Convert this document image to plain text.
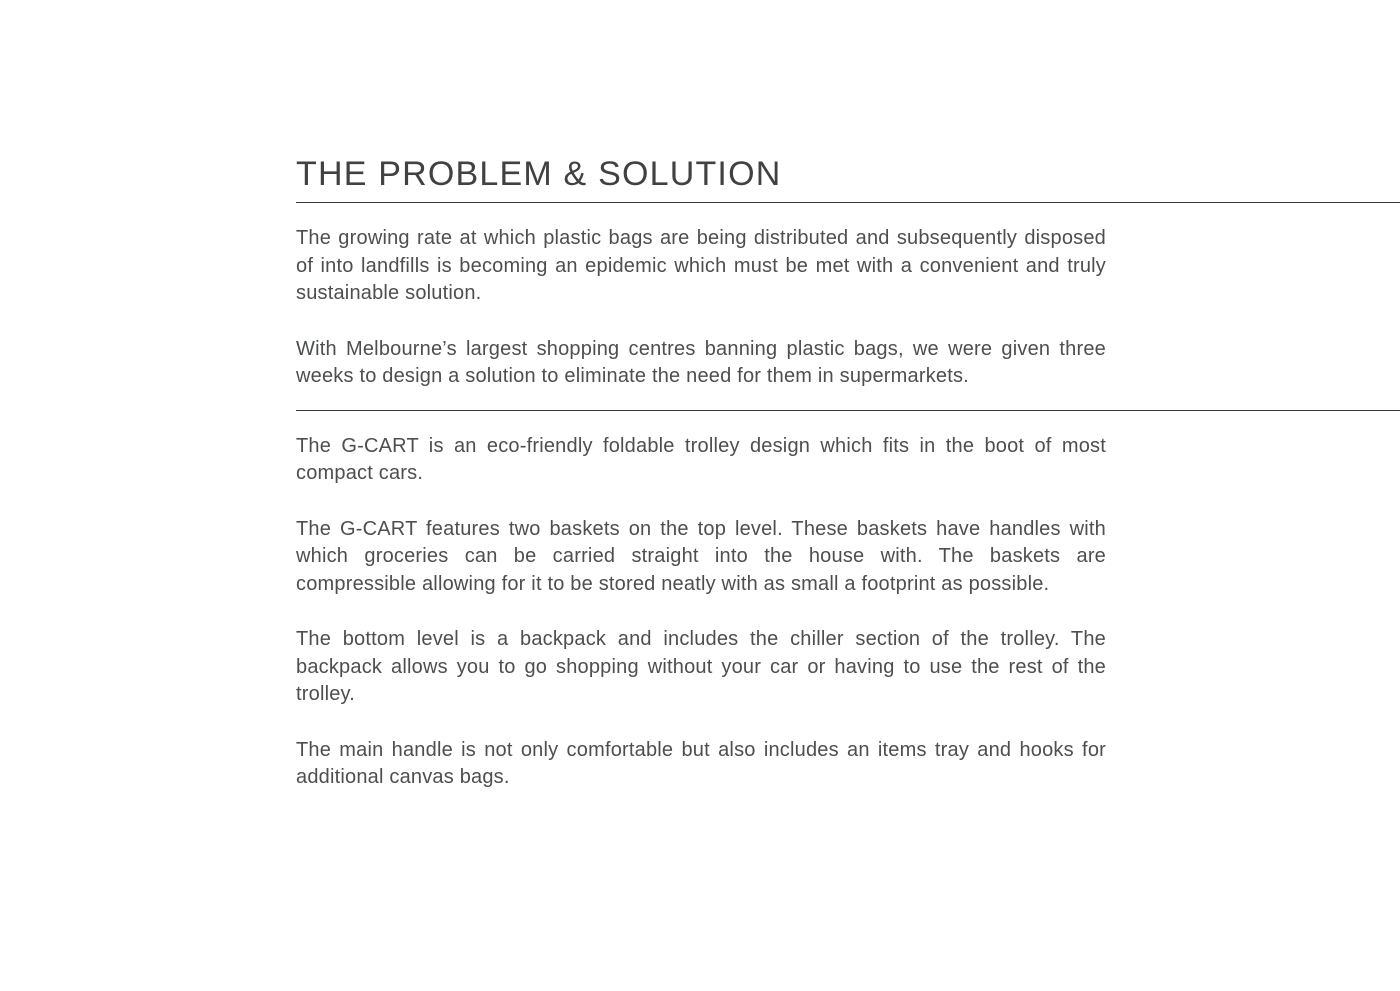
THE PROBLEM & SOLUTION

The growing rate at which plastic bags are being distributed and subsequently disposed of into landfills is becoming an epidemic which must be met with a convenient and truly sustainable solution.

With Melbourne’s largest shopping centres banning plastic bags, we were given three weeks to design a solution to eliminate the need for them in supermarkets.

The G-CART is an eco-friendly foldable trolley design which fits in the boot of most compact cars.

The G-CART features two baskets on the top level. These baskets have handles with which groceries can be carried straight into the house with. The baskets are compressible allowing for it to be stored neatly with as small a footprint as possible.

The bottom level is a backpack and includes the chiller section of the trolley. The backpack allows you to go shopping without your car or having to use the rest of the trolley.

The main handle is not only comfortable but also includes an items tray and hooks for additional canvas bags.
